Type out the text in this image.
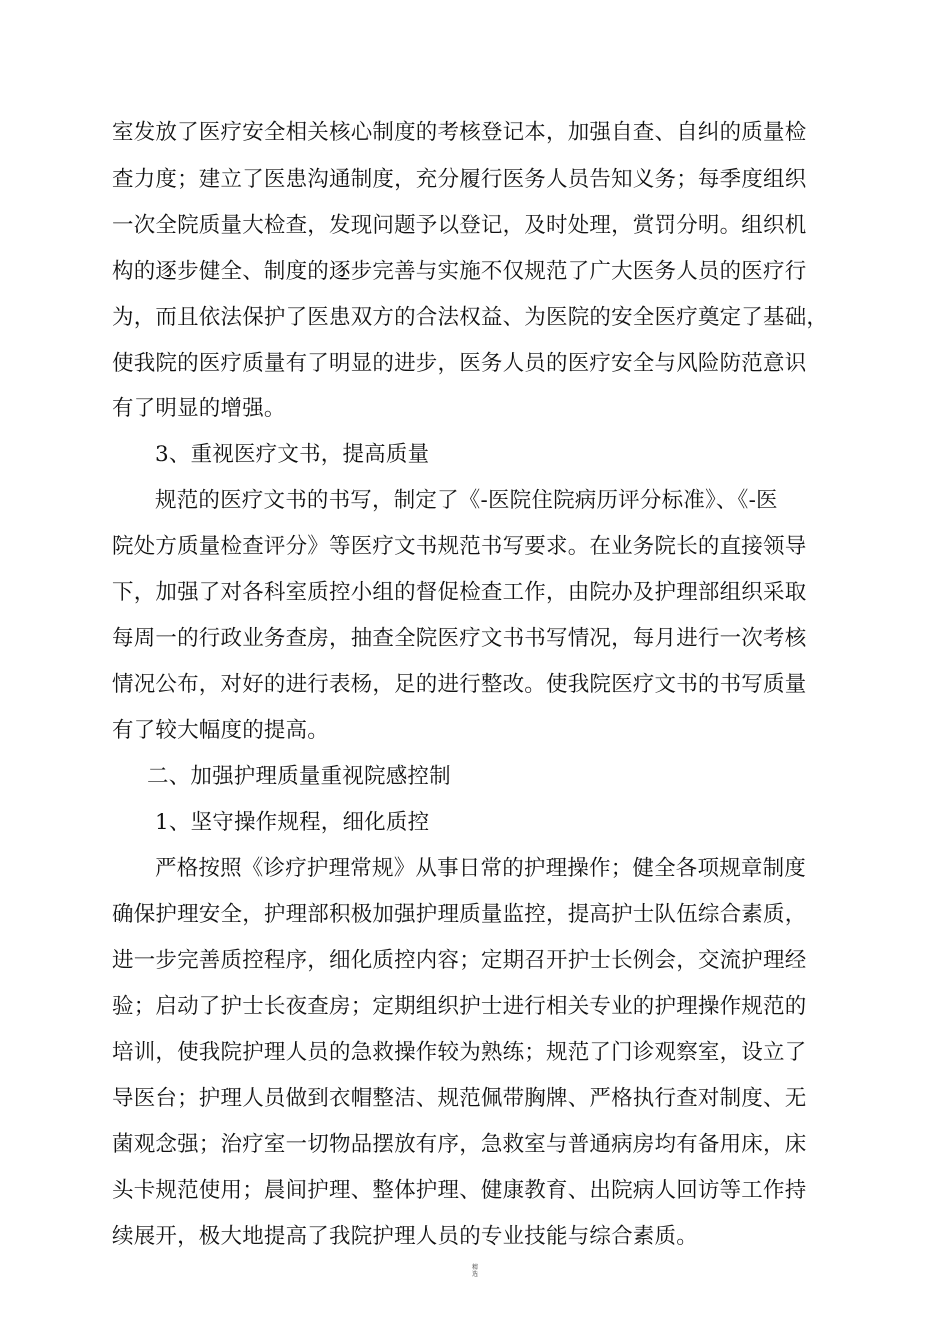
室发放了医疗安全相关核心制度的考核登记本，加强自查、自纠的质量检
查力度；建立了医患沟通制度，充分履行医务人员告知义务；每季度组织
一次全院质量大检查，发现问题予以登记，及时处理，赏罚分明。组织机
构的逐步健全、制度的逐步完善与实施不仅规范了广大医务人员的医疗行
为，而且依法保护了医患双方的合法权益、为医院的安全医疗奠定了基础，
使我院的医疗质量有了明显的进步，医务人员的医疗安全与风险防范意识
有了明显的增强。
3、重视医疗文书，提高质量
规范的医疗文书的书写，制定了《-医院住院病历评分标准》、《-医
院处方质量检查评分》等医疗文书规范书写要求。在业务院长的直接领导
下，加强了对各科室质控小组的督促检查工作，由院办及护理部组织采取
每周一的行政业务查房，抽查全院医疗文书书写情况，每月进行一次考核
情况公布，对好的进行表杨，足的进行整改。使我院医疗文书的书写质量
有了较大幅度的提高。
二、加强护理质量重视院感控制
1、坚守操作规程，细化质控
严格按照《诊疗护理常规》从事日常的护理操作；健全各项规章制度
确保护理安全，护理部积极加强护理质量监控，提高护士队伍综合素质，
进一步完善质控程序，细化质控内容；定期召开护士长例会，交流护理经
验；启动了护士长夜查房；定期组织护士进行相关专业的护理操作规范的
培训，使我院护理人员的急救操作较为熟练；规范了门诊观察室，设立了
导医台；护理人员做到衣帽整洁、规范佩带胸牌、严格执行查对制度、无
菌观念强；治疗室一切物品摆放有序，急救室与普通病房均有备用床，床
头卡规范使用；晨间护理、整体护理、健康教育、出院病人回访等工作持
续展开，极大地提高了我院护理人员的专业技能与综合素质。
精
选
